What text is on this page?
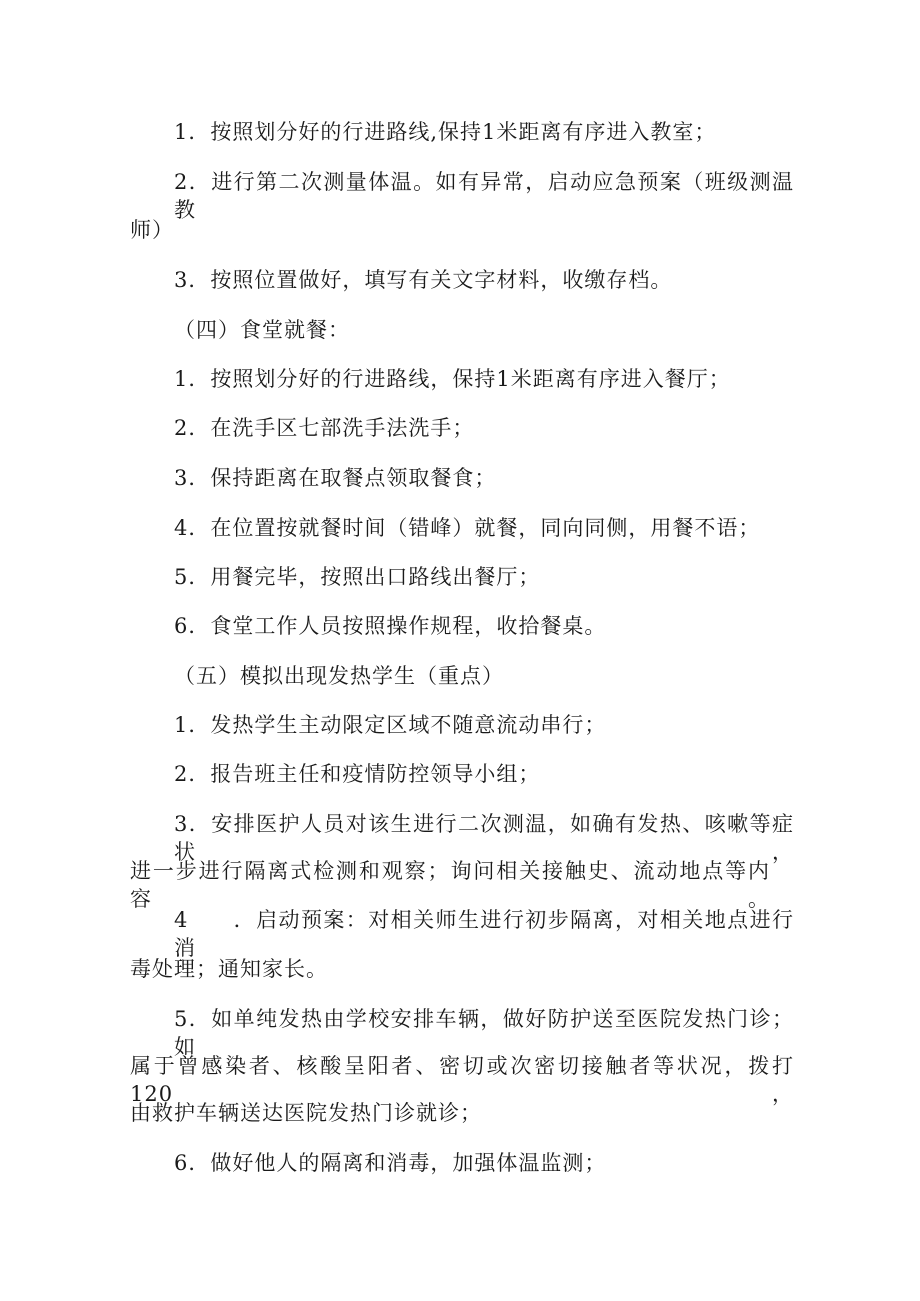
1．按照划分好的行进路线,保持1米距离有序进入教室；
2．进行第二次测量体温。如有异常，启动应急预案（班级测温教
师）
3．按照位置做好，填写有关文字材料，收缴存档。
（四）食堂就餐：
1．按照划分好的行进路线，保持1米距离有序进入餐厅；
2．在洗手区七部洗手法洗手；
3．保持距离在取餐点领取餐食；
4．在位置按就餐时间（错峰）就餐，同向同侧，用餐不语；
5．用餐完毕，按照出口路线出餐厅；
6．食堂工作人员按照操作规程，收拾餐桌。
（五）模拟出现发热学生（重点）
1．发热学生主动限定区域不随意流动串行；
2．报告班主任和疫情防控领导小组；
3．安排医护人员对该生进行二次测温，如确有发热、咳嗽等症状，
进一步进行隔离式检测和观察；询问相关接触史、流动地点等内容。
4　　．启动预案：对相关师生进行初步隔离，对相关地点进行消
毒处理；通知家长。
5．如单纯发热由学校安排车辆，做好防护送至医院发热门诊；如
属于曾感染者、核酸呈阳者、密切或次密切接触者等状况，拨打120，
由救护车辆送达医院发热门诊就诊；
6．做好他人的隔离和消毒，加强体温监测；
